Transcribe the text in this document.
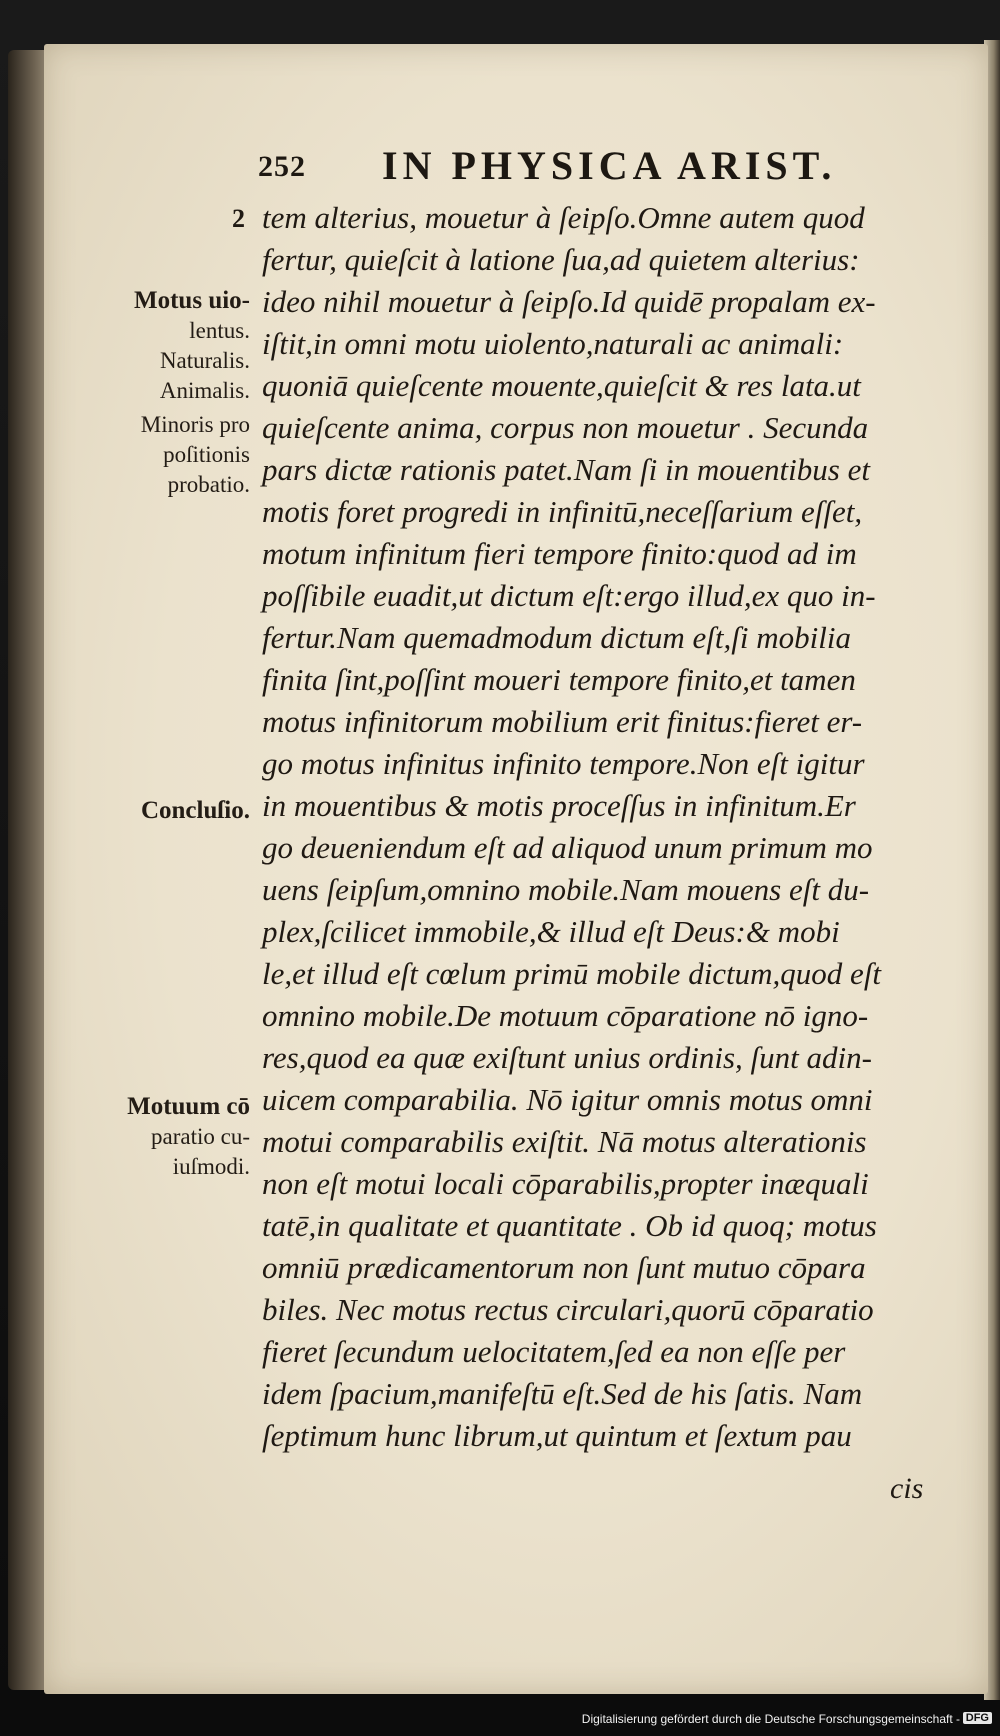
252 IN PHYSICA ARIST.
2 tem alterius, mouetur à ſeipſo.Omne autem quod
fertur, quieſcit à latione ſua,ad quietem alterius:
ideo nihil mouetur à ſeipſo.Id quidē propalam ex-
iſtit,in omni motu uiolento,naturali ac animali:
quoniā quieſcente mouente,quieſcit & res lata.ut
quieſcente anima, corpus non mouetur . Secunda
pars dictæ rationis patet.Nam ſi in mouentibus et
motis foret progredi in infinitū,neceſſarium eſſet,
motum infinitum fieri tempore finito:quod ad im
poſſibile euadit,ut dictum eſt:ergo illud,ex quo in-
fertur.Nam quemadmodum dictum eſt,ſi mobilia
finita ſint,poſſint moueri tempore finito,et tamen
motus infinitorum mobilium erit finitus:fieret er-
go motus infinitus infinito tempore.Non eſt igitur
in mouentibus & motis proceſſus in infinitum.Er
go deueniendum eſt ad aliquod unum primum mo
uens ſeipſum,omnino mobile.Nam mouens eſt du-
plex,ſcilicet immobile,& illud eſt Deus:& mobi
le,et illud eſt cœlum primū mobile dictum,quod eſt
omnino mobile.De motuum cōparatione nō igno-
res,quod ea quæ exiſtunt unius ordinis, ſunt adin-
uicem comparabilia. Nō igitur omnis motus omni
motui comparabilis exiſtit. Nā motus alterationis
non eſt motui locali cōparabilis,propter inæquali
tatē,in qualitate et quantitate . Ob id quoq; motus
omniū prædicamentorum non ſunt mutuo cōpara
biles. Nec motus rectus circulari,quorū cōparatio
fieret ſecundum uelocitatem,ſed ea non eſſe per
idem ſpacium,manifeſtū eſt.Sed de his ſatis. Nam
ſeptimum hunc librum,ut quintum et ſextum pau
cis
Motus uio-
lentus.
Naturalis.
Animalis.
Minoris pro
poſitionis
probatio.
Concluſio.
Motuum cō
paratio cu-
iuſmodi.
Digitalisierung gefördert durch die Deutsche Forschungsgemeinschaft - DFG
